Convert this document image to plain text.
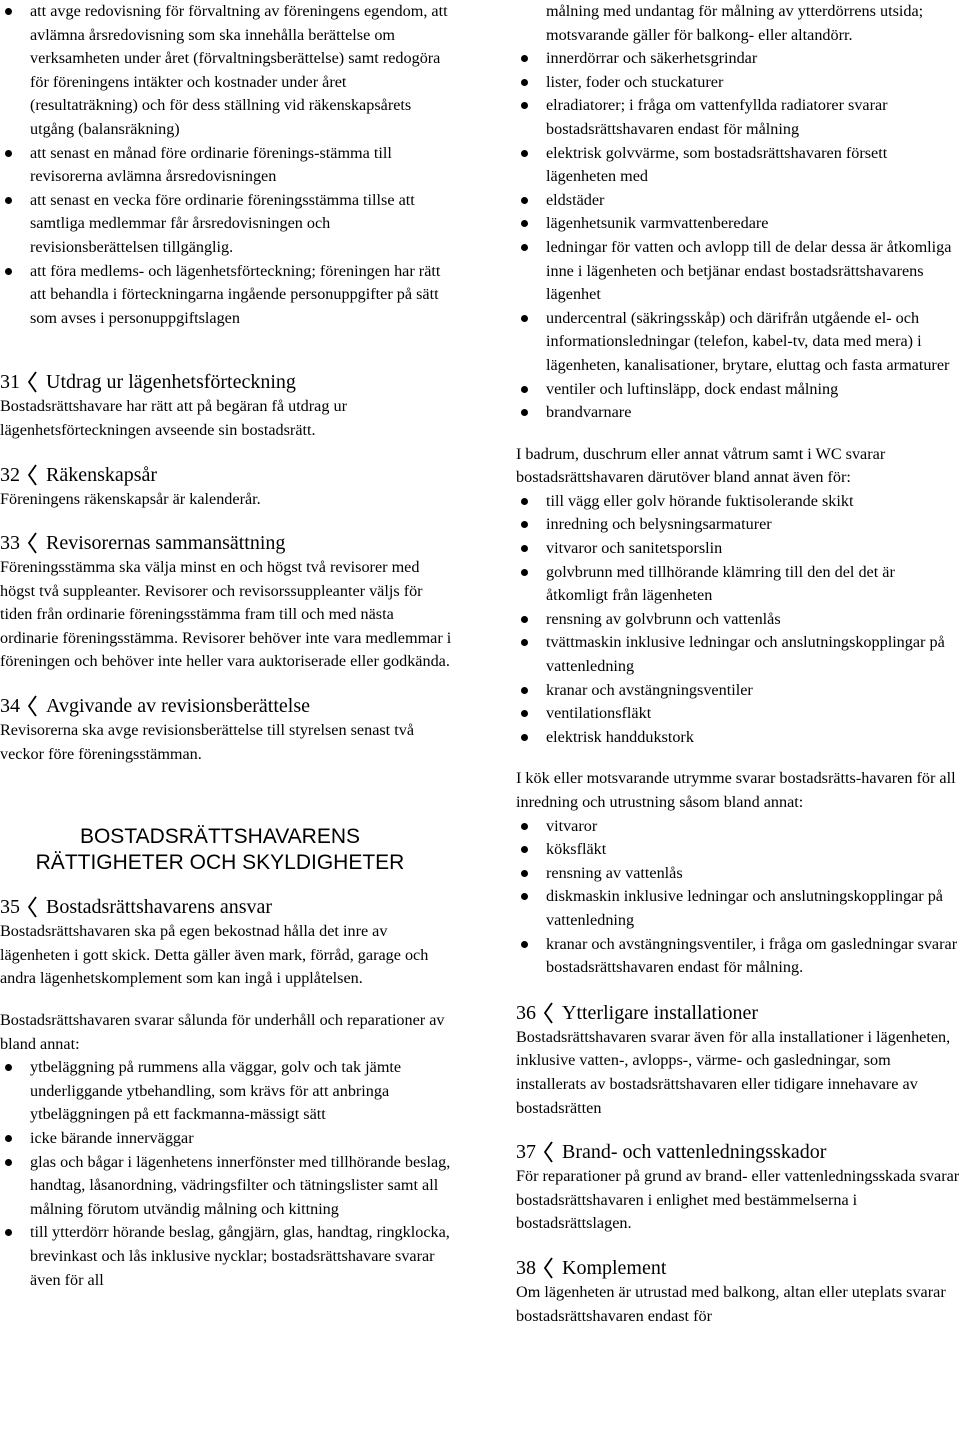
att avge redovisning för förvaltning av föreningens egendom, att avlämna årsredovisning som ska innehålla berättelse om verksamheten under året (förvaltningsberättelse) samt redogöra för föreningens intäkter och kostnader under året (resultaträkning) och för dess ställning vid räkenskapsårets utgång (balansräkning)
att senast en månad före ordinarie förenings-stämma till revisorerna avlämna årsredovisningen
att senast en vecka före ordinarie föreningsstämma tillse att samtliga medlemmar får årsredovisningen och revisionsberättelsen tillgänglig.
att föra medlems- och lägenhetsförteckning; föreningen har rätt att behandla i förteckningarna ingående personuppgifter på sätt som avses i personuppgiftslagen
31 Utdrag ur lägenhetsförteckning

Bostadsrättshavare har rätt att på begäran få utdrag ur lägenhetsförteckningen avseende sin bostadsrätt.

32 Räkenskapsår

Föreningens räkenskapsår är kalenderår.

33 Revisorernas sammansättning

Föreningsstämma ska välja minst en och högst två revisorer med högst två suppleanter. Revisorer och revisorssuppleanter väljs för tiden från ordinarie föreningsstämma fram till och med nästa ordinarie föreningsstämma. Revisorer behöver inte vara medlemmar i föreningen och behöver inte heller vara auktoriserade eller godkända.

34 Avgivande av revisionsberättelse

Revisorerna ska avge revisionsberättelse till styrelsen senast två veckor före föreningsstämman.

BOSTADSRÄTTSHAVARENS
RÄTTIGHETER OCH SKYLDIGHETER
35 Bostadsrättshavarens ansvar

Bostadsrättshavaren ska på egen bekostnad hålla det inre av lägenheten i gott skick. Detta gäller även mark, förråd, garage och andra lägenhetskomplement som kan ingå i upplåtelsen.

Bostadsrättshavaren svarar sålunda för underhåll och reparationer av bland annat:

ytbeläggning på rummens alla väggar, golv och tak jämte underliggande ytbehandling, som krävs för att anbringa ytbeläggningen på ett fackmanna-mässigt sätt
icke bärande innerväggar
glas och bågar i lägenhetens innerfönster med tillhörande beslag, handtag, låsanordning, vädringsfilter och tätningslister samt all målning förutom utvändig målning och kittning
till ytterdörr hörande beslag, gångjärn, glas, handtag, ringklocka, brevinkast och lås inklusive nycklar; bostadsrättshavare svarar även för all

målning med undantag för målning av ytterdörrens utsida; motsvarande gäller för balkong- eller altandörr.

innerdörrar och säkerhetsgrindar
lister, foder och stuckaturer
elradiatorer; i fråga om vattenfyllda radiatorer svarar bostadsrättshavaren endast för målning
elektrisk golvvärme, som bostadsrättshavaren försett lägenheten med
eldstäder
lägenhetsunik varmvattenberedare
ledningar för vatten och avlopp till de delar dessa är åtkomliga inne i lägenheten och betjänar endast bostadsrättshavarens lägenhet
undercentral (säkringsskåp) och därifrån utgående el- och informationsledningar (telefon, kabel-tv, data med mera) i lägenheten, kanalisationer, brytare, eluttag och fasta armaturer
ventiler och luftinsläpp, dock endast målning
brandvarnare

I badrum, duschrum eller annat våtrum samt i WC svarar bostadsrättshavaren därutöver bland annat även för:

till vägg eller golv hörande fuktisolerande skikt
inredning och belysningsarmaturer
vitvaror och sanitetsporslin
golvbrunn med tillhörande klämring till den del det är åtkomligt från lägenheten
rensning av golvbrunn och vattenlås
tvättmaskin inklusive ledningar och anslutningskopplingar på vattenledning
kranar och avstängningsventiler
ventilationsfläkt
elektrisk handdukstork

I kök eller motsvarande utrymme svarar bostadsrätts-havaren för all inredning och utrustning såsom bland annat:

vitvaror
köksfläkt
rensning av vattenlås
diskmaskin inklusive ledningar och anslutningskopplingar på vattenledning
kranar och avstängningsventiler, i fråga om gasledningar svarar bostadsrättshavaren endast för målning.
36 Ytterligare installationer

Bostadsrättshavaren svarar även för alla installationer i lägenheten, inklusive vatten-, avlopps-, värme- och gasledningar, som installerats av bostadsrättshavaren eller tidigare innehavare av bostadsrätten

37 Brand- och vattenledningsskador

För reparationer på grund av brand- eller vattenledningsskada svarar bostadsrättshavaren i enlighet med bestämmelserna i bostadsrättslagen.

38 Komplement

Om lägenheten är utrustad med balkong, altan eller uteplats svarar bostadsrättshavaren endast för
